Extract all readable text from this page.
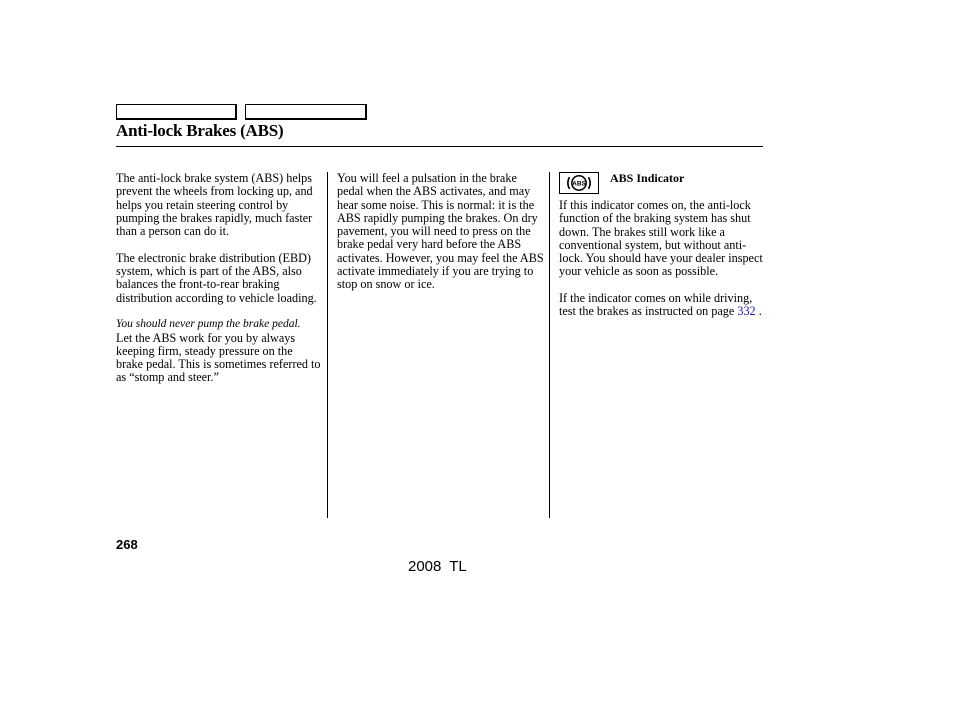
Anti-lock Brakes (ABS)

The anti-lock brake system (ABS) helps prevent the wheels from locking up, and helps you retain steering control by pumping the brakes rapidly, much faster than a person can do it.

The electronic brake distribution (EBD) system, which is part of the ABS, also balances the front-to-rear braking distribution according to vehicle loading.

You should never pump the brake pedal.
Let the ABS work for you by always keeping firm, steady pressure on the brake pedal. This is sometimes referred to as “stomp and steer.”

You will feel a pulsation in the brake pedal when the ABS activates, and may hear some noise. This is normal: it is the ABS rapidly pumping the brakes. On dry pavement, you will need to press on the brake pedal very hard before the ABS activates. However, you may feel the ABS activate immediately if you are trying to stop on snow or ice.

ABS ABS Indicator

If this indicator comes on, the anti-lock function of the braking system has shut down. The brakes still work like a conventional system, but without anti-lock. You should have your dealer inspect your vehicle as soon as possible.

If the indicator comes on while driving, test the brakes as instructed on page 332 .

268
2008 TL
